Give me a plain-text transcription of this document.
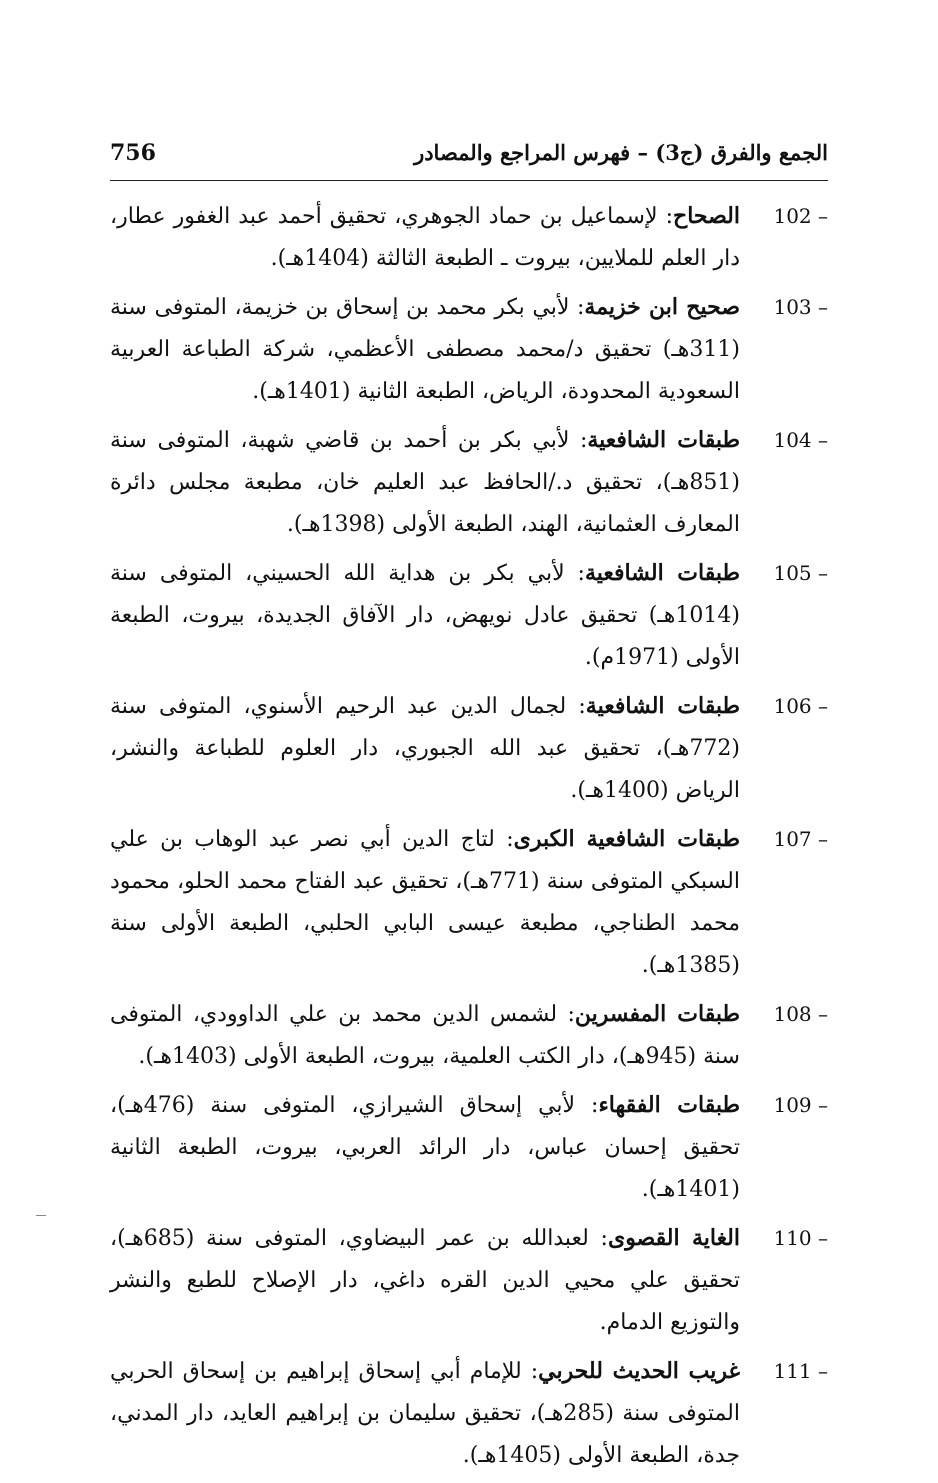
الجمع والفرق (ج3) – فهرس المراجع والمصادر
756
102 –
الصحاح: لإسماعيل بن حماد الجوهري، تحقيق أحمد عبد الغفور عطار، دار العلم للملايين، بيروت ـ الطبعة الثالثة (1404هـ).
103 –
صحيح ابن خزيمة: لأبي بكر محمد بن إسحاق بن خزيمة، المتوفى سنة (311هـ) تحقيق د/محمد مصطفى الأعظمي، شركة الطباعة العربية السعودية المحدودة، الرياض، الطبعة الثانية (1401هـ).
104 –
طبقات الشافعية: لأبي بكر بن أحمد بن قاضي شهبة، المتوفى سنة (851هـ)، تحقيق د./الحافظ عبد العليم خان، مطبعة مجلس دائرة المعارف العثمانية، الهند، الطبعة الأولى (1398هـ).
105 –
طبقات الشافعية: لأبي بكر بن هداية الله الحسيني، المتوفى سنة (1014هـ) تحقيق عادل نويهض، دار الآفاق الجديدة، بيروت، الطبعة الأولى (1971م).
106 –
طبقات الشافعية: لجمال الدين عبد الرحيم الأسنوي، المتوفى سنة (772هـ)، تحقيق عبد الله الجبوري، دار العلوم للطباعة والنشر، الرياض (1400هـ).
107 –
طبقات الشافعية الكبرى: لتاج الدين أبي نصر عبد الوهاب بن علي السبكي المتوفى سنة (771هـ)، تحقيق عبد الفتاح محمد الحلو، محمود محمد الطناجي، مطبعة عيسى البابي الحلبي، الطبعة الأولى سنة (1385هـ).
108 –
طبقات المفسرين: لشمس الدين محمد بن علي الداوودي، المتوفى سنة (945هـ)، دار الكتب العلمية، بيروت، الطبعة الأولى (1403هـ).
109 –
طبقات الفقهاء: لأبي إسحاق الشيرازي، المتوفى سنة (476هـ)، تحقيق إحسان عباس، دار الرائد العربي، بيروت، الطبعة الثانية (1401هـ).
110 –
الغاية القصوى: لعبدالله بن عمر البيضاوي، المتوفى سنة (685هـ)، تحقيق علي محيي الدين القره داغي، دار الإصلاح للطبع والنشر والتوزيع الدمام.
111 –
غريب الحديث للحربي: للإمام أبي إسحاق إبراهيم بن إسحاق الحربي المتوفى سنة (285هـ)، تحقيق سليمان بن إبراهيم العايد، دار المدني، جدة، الطبعة الأولى (1405هـ).
